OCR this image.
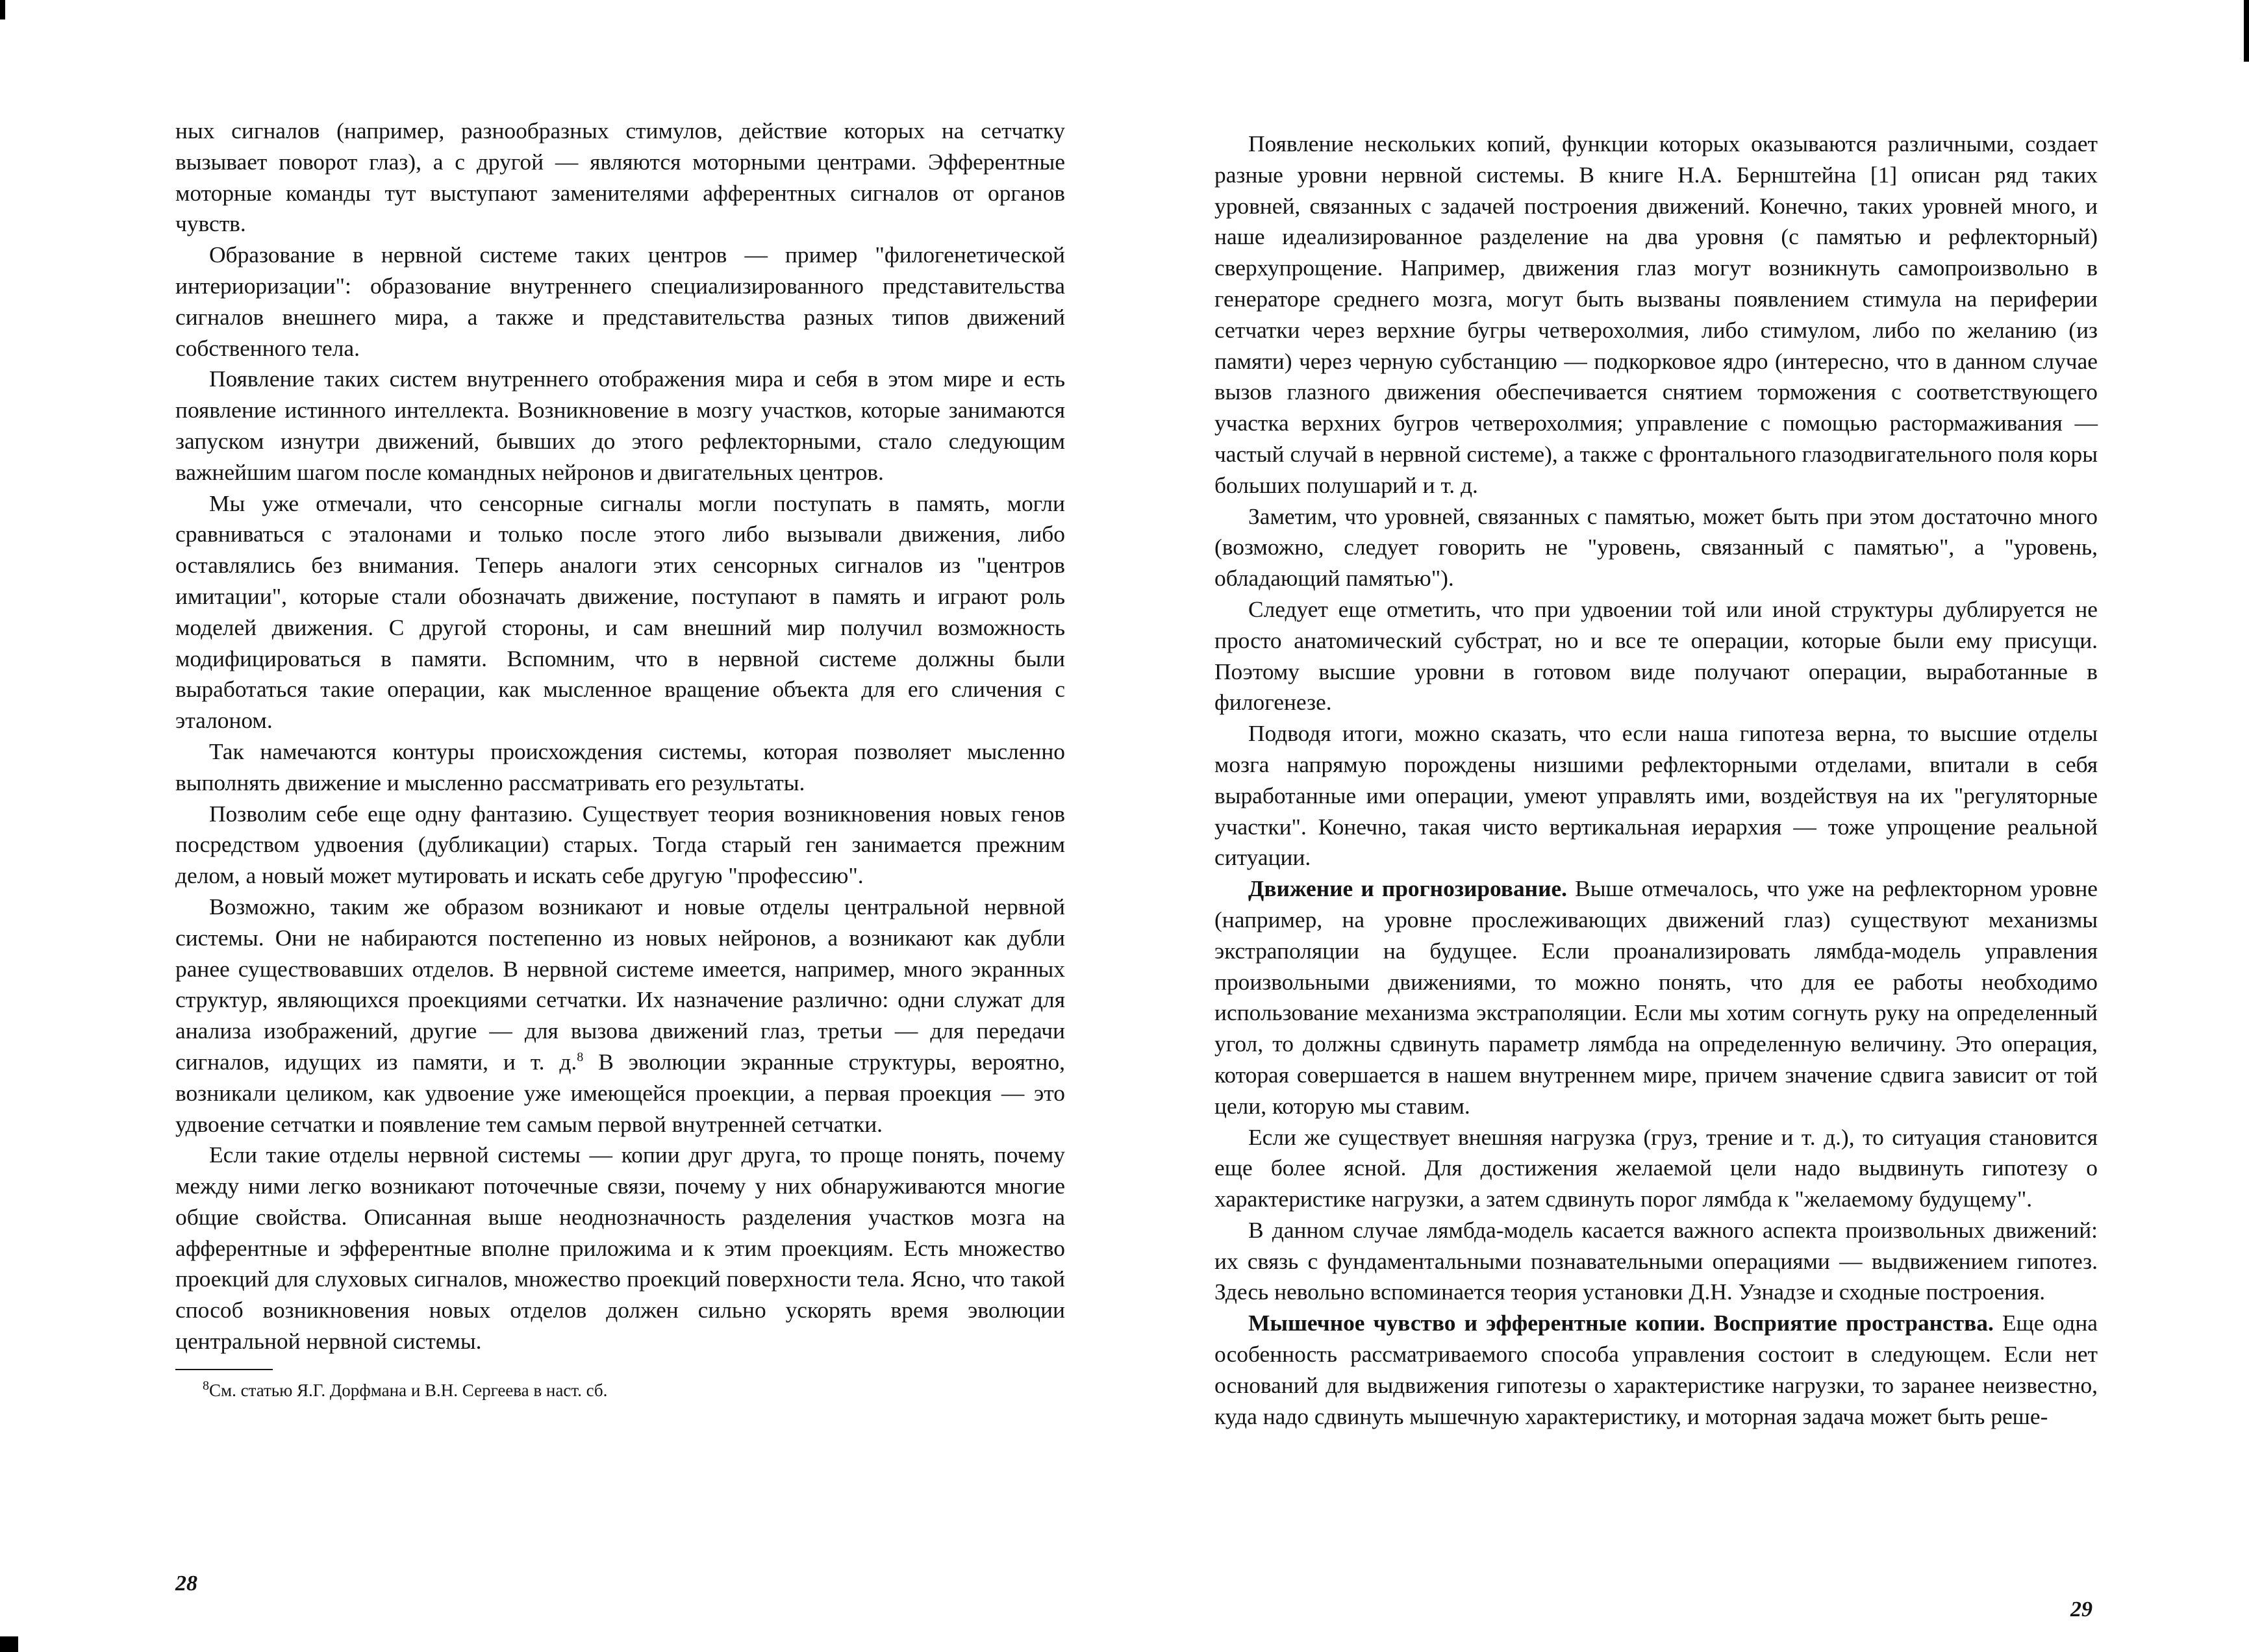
ных сигналов (например, разнообразных стимулов, действие которых на сетчатку вызывает поворот глаз), а с другой — являются моторными центрами. Эфферентные моторные команды тут выступают заменителями афферентных сигналов от органов чувств.

Образование в нервной системе таких центров — пример "филогенетической интериоризации": образование внутреннего специализированного представительства сигналов внешнего мира, а также и представительства разных типов движений собственного тела.

Появление таких систем внутреннего отображения мира и себя в этом мире и есть появление истинного интеллекта. Возникновение в мозгу участков, которые занимаются запуском изнутри движений, бывших до этого рефлекторными, стало следующим важнейшим шагом после командных нейронов и двигательных центров.

Мы уже отмечали, что сенсорные сигналы могли поступать в память, могли сравниваться с эталонами и только после этого либо вызывали движения, либо оставлялись без внимания. Теперь аналоги этих сенсорных сигналов из "центров имитации", которые стали обозначать движение, поступают в память и играют роль моделей движения. С другой стороны, и сам внешний мир получил возможность модифицироваться в памяти. Вспомним, что в нервной системе должны были выработаться такие операции, как мысленное вращение объекта для его сличения с эталоном.

Так намечаются контуры происхождения системы, которая позволяет мысленно выполнять движение и мысленно рассматривать его результаты.

Позволим себе еще одну фантазию. Существует теория возникновения новых генов посредством удвоения (дубликации) старых. Тогда старый ген занимается прежним делом, а новый может мутировать и искать себе другую "профессию".

Возможно, таким же образом возникают и новые отделы центральной нервной системы. Они не набираются постепенно из новых нейронов, а возникают как дубли ранее существовавших отделов. В нервной системе имеется, например, много экранных структур, являющихся проекциями сетчатки. Их назначение различно: одни служат для анализа изображений, другие — для вызова движений глаз, третьи — для передачи сигналов, идущих из памяти, и т. д.$^8$ В эволюции экранные структуры, вероятно, возникали целиком, как удвоение уже имеющейся проекции, а первая проекция — это удвоение сетчатки и появление тем самым первой внутренней сетчатки.

Если такие отделы нервной системы — копии друг друга, то проще понять, почему между ними легко возникают поточечные связи, почему у них обнаруживаются многие общие свойства. Описанная выше неоднозначность разделения участков мозга на афферентные и эфферентные вполне приложима и к этим проекциям. Есть множество проекций для слуховых сигналов, множество проекций поверхности тела. Ясно, что такой способ возникновения новых отделов должен сильно ускорять время эволюции центральной нервной системы.

$^8$См. статью Я.Г. Дорфмана и В.Н. Сергеева в наст. сб.
28

Появление нескольких копий, функции которых оказываются различными, создает разные уровни нервной системы. В книге Н.А. Бернштейна [1] описан ряд таких уровней, связанных с задачей построения движений. Конечно, таких уровней много, и наше идеализированное разделение на два уровня (с памятью и рефлекторный) сверхупрощение. Например, движения глаз могут возникнуть самопроизвольно в генераторе среднего мозга, могут быть вызваны появлением стимула на периферии сетчатки через верхние бугры четверохолмия, либо стимулом, либо по желанию (из памяти) через черную субстанцию — подкорковое ядро (интересно, что в данном случае вызов глазного движения обеспечивается снятием торможения с соответствующего участка верхних бугров четверохолмия; управление с помощью растормаживания — частый случай в нервной системе), а также с фронтального глазодвигательного поля коры больших полушарий и т. д.

Заметим, что уровней, связанных с памятью, может быть при этом достаточно много (возможно, следует говорить не "уровень, связанный с памятью", а "уровень, обладающий памятью").

Следует еще отметить, что при удвоении той или иной структуры дублируется не просто анатомический субстрат, но и все те операции, которые были ему присущи. Поэтому высшие уровни в готовом виде получают операции, выработанные в филогенезе.

Подводя итоги, можно сказать, что если наша гипотеза верна, то высшие отделы мозга напрямую порождены низшими рефлекторными отделами, впитали в себя выработанные ими операции, умеют управлять ими, воздействуя на их "регуляторные участки". Конечно, такая чисто вертикальная иерархия — тоже упрощение реальной ситуации.

Движение и прогнозирование. Выше отмечалось, что уже на рефлекторном уровне (например, на уровне прослеживающих движений глаз) существуют механизмы экстраполяции на будущее. Если проанализировать лямбда-модель управления произвольными движениями, то можно понять, что для ее работы необходимо использование механизма экстраполяции. Если мы хотим согнуть руку на определенный угол, то должны сдвинуть параметр лямбда на определенную величину. Это операция, которая совершается в нашем внутреннем мире, причем значение сдвига зависит от той цели, которую мы ставим.

Если же существует внешняя нагрузка (груз, трение и т. д.), то ситуация становится еще более ясной. Для достижения желаемой цели надо выдвинуть гипотезу о характеристике нагрузки, а затем сдвинуть порог лямбда к "желаемому будущему".

В данном случае лямбда-модель касается важного аспекта произвольных движений: их связь с фундаментальными познавательными операциями — выдвижением гипотез. Здесь невольно вспоминается теория установки Д.Н. Узнадзе и сходные построения.

Мышечное чувство и эфферентные копии. Восприятие пространства. Еще одна особенность рассматриваемого способа управления состоит в следующем. Если нет оснований для выдвижения гипотезы о характеристике нагрузки, то заранее неизвестно, куда надо сдвинуть мышечную характеристику, и моторная задача может быть реше-

29
